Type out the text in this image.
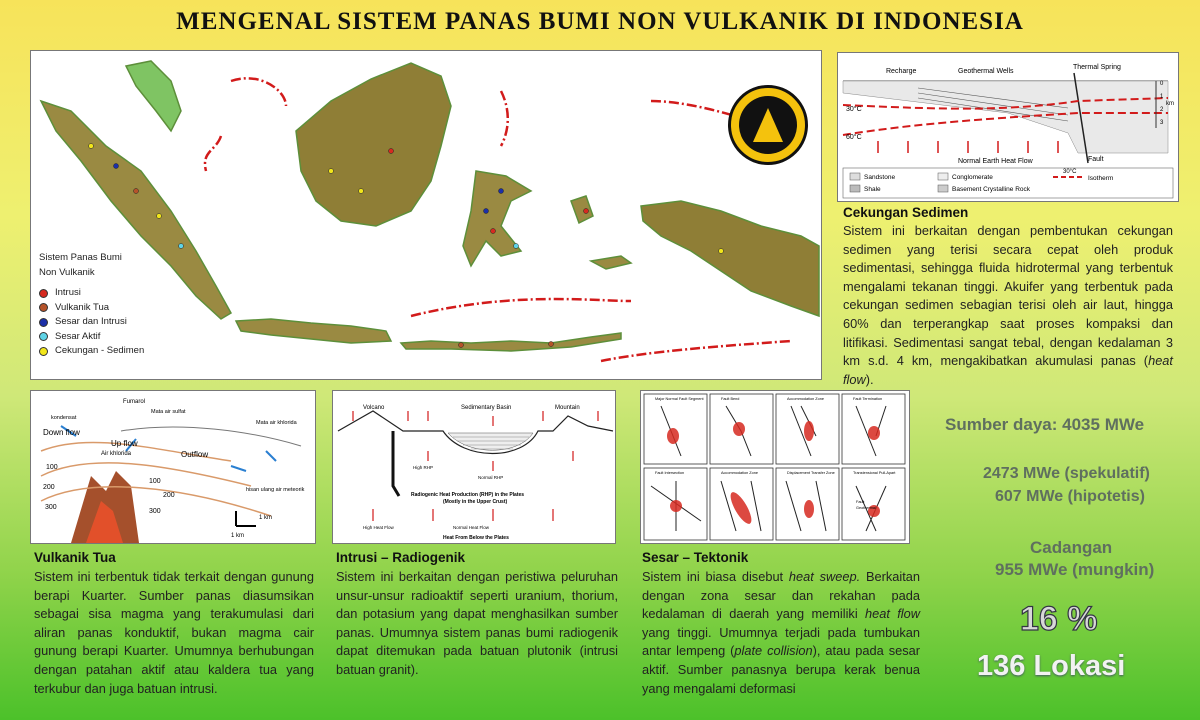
MENGENAL SISTEM PANAS BUMI NON VULKANIK DI INDONESIA
Sistem Panas Bumi
Non Vulkanik
Intrusi
Vulkanik Tua
Sesar dan Intrusi
Sesar Aktif
Cekungan - Sedimen
Recharge	Geothermal Wells
Thermal Spring
30°C
60°C
0
1
2
3
km
Normal Earth Heat Flow	Fault
Sandstone
Shale
Conglomerate
Basement Crystalline Rock
30°C
Isotherm
Fumarol
Down flow
kondensat
Up flow
Air khlorida	Outflow
Mata air sulfat
Mata air khlorida
hisan ulang air meteorik
100
200
300
100
200
300
1 km
1 km
Volcano	Sedimentary Basin	Mountain
High RHP
Normal RHP
Radiogenic Heat Production (RHP) in the Plates
(Mostly in the Upper Crust)
High Heat Flow	Normal Heat Flow
Heat From Below the Plates
Major Normal Fault Segment	Fault Bend	Accommodation Zone	Fault Termination
Fault Intersection	Accommodation Zone	Displacement Transfer Zone	Transtensional Pull-Apart
Fault
Geothermal
Cekungan Sedimen
Sistem ini berkaitan dengan pembentukan cekungan sedimen yang terisi secara cepat oleh produk sedimentasi, sehingga fluida hidrotermal yang terbentuk mengalami tekanan tinggi. Akuifer yang terbentuk pada cekungan sedimen sebagian terisi oleh air laut, hingga 60% dan terperangkap saat proses kompaksi dan litifikasi. Sedimentasi sangat tebal, dengan kedalaman 3 km s.d. 4 km, mengakibatkan akumulasi panas (heat flow).
Vulkanik Tua
Sistem ini terbentuk tidak terkait dengan gunung berapi Kuarter. Sumber panas diasumsikan sebagai sisa magma yang terakumulasi dari aliran panas konduktif, bukan magma cair gunung berapi Kuarter. Umumnya berhubungan dengan patahan aktif atau kaldera tua yang terkubur dan juga batuan intrusi.
Intrusi – Radiogenik
Sistem ini berkaitan dengan peristiwa peluruhan unsur-unsur radioaktif seperti uranium, thorium, dan potasium yang dapat menghasilkan sumber panas. Umumnya sistem panas bumi radiogenik dapat ditemukan pada batuan plutonik (intrusi batuan granit).
Sesar – Tektonik
Sistem ini biasa disebut heat sweep. Berkaitan dengan zona sesar dan rekahan pada kedalaman di daerah yang memiliki heat flow yang tinggi. Umumnya terjadi pada tumbukan antar lempeng (plate collision), atau pada sesar aktif. Sumber panasnya berupa kerak benua yang mengalami deformasi
Sumber daya: 4035 MWe
2473 MWe (spekulatif)
607 MWe (hipotetis)
Cadangan
955 MWe (mungkin)
16 %
136 Lokasi
